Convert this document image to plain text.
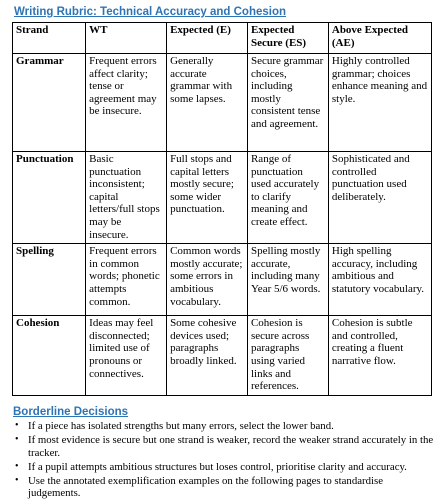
Writing Rubric: Technical Accuracy and Cohesion
Strand	WT	Expected (E)	Expected Secure (ES)	Above Expected (AE)
Grammar	Frequent errors affect clarity; tense or agreement may be insecure.	Generally accurate grammar with some lapses.	Secure grammar choices, including mostly consistent tense and agreement.	Highly controlled grammar; choices enhance meaning and style.
Punctuation	Basic punctuation inconsistent; capital letters/full stops may be insecure.	Full stops and capital letters mostly secure; some wider punctuation.	Range of punctuation used accurately to clarify meaning and create effect.	Sophisticated and controlled punctuation used deliberately.
Spelling	Frequent errors in common words; phonetic attempts common.	Common words mostly accurate; some errors in ambitious vocabulary.	Spelling mostly accurate, including many Year 5/6 words.	High spelling accuracy, including ambitious and statutory vocabulary.
Cohesion	Ideas may feel disconnected; limited use of pronouns or connectives.	Some cohesive devices used; paragraphs broadly linked.	Cohesion is secure across paragraphs using varied links and references.	Cohesion is subtle and controlled, creating a fluent narrative flow.
Borderline Decisions
• If a piece has isolated strengths but many errors, select the lower band.
• If most evidence is secure but one strand is weaker, record the weaker strand accurately in the tracker.
• If a pupil attempts ambitious structures but loses control, prioritise clarity and accuracy.
• Use the annotated exemplification examples on the following pages to standardise judgements.
